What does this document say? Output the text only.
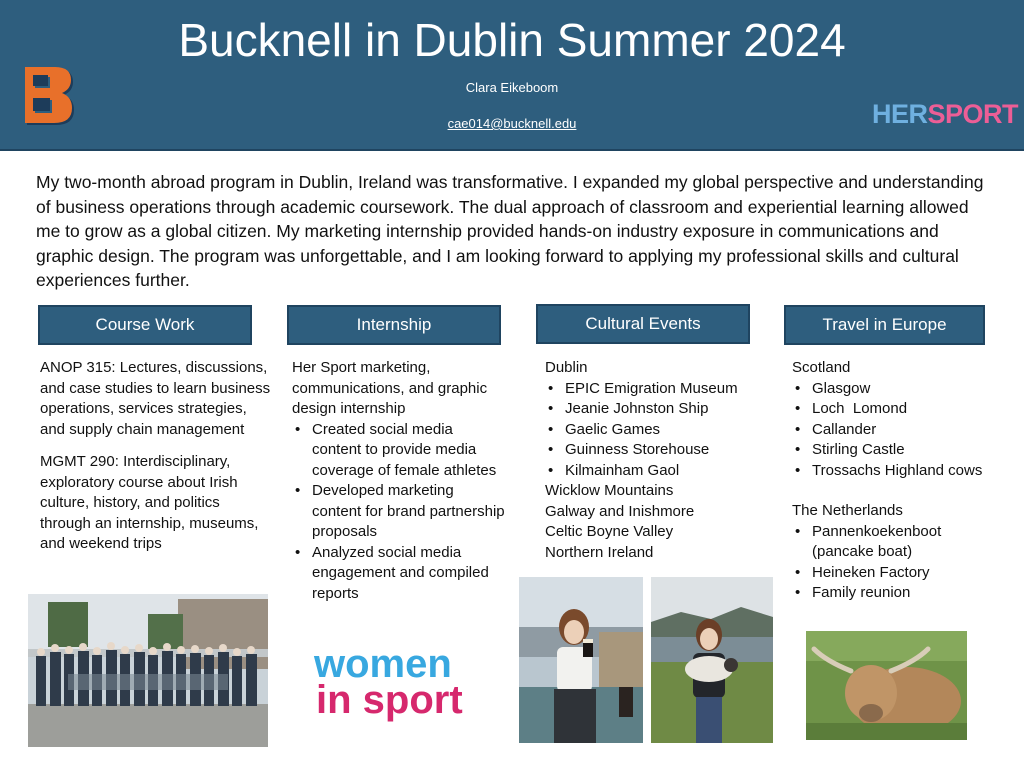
Bucknell in Dublin Summer 2024
Clara Eikeboom
cae014@bucknell.edu	HERSPORT
My two-month abroad program in Dublin, Ireland was transformative. I expanded my global perspective and understanding of business operations through academic coursework. The dual approach of classroom and experiential learning allowed me to grow as a global citizen. My marketing internship provided hands-on industry exposure in communications and graphic design. The program was unforgettable, and I am looking forward to applying my professional skills and cultural experiences further.
Course Work	Internship	Cultural Events	Travel in Europe

ANOP 315: Lectures, discussions, and case studies to learn business operations, services strategies, and supply chain management

MGMT 290: Interdisciplinary, exploratory course about Irish culture, history, and politics through an internship, museums, and weekend trips

Her Sport marketing, communications, and graphic design internship
• Created social media content to provide media coverage of female athletes
• Developed marketing content for brand partnership proposals
• Analyzed social media engagement and compiled reports
women
in sport
Dublin
• EPIC Emigration Museum
• Jeanie Johnston Ship
• Gaelic Games
• Guinness Storehouse
• Kilmainham Gaol
Wicklow Mountains
Galway and Inishmore
Celtic Boyne Valley
Northern Ireland
Scotland
• Glasgow
• Loch  Lomond
• Callander
• Stirling Castle
• Trossachs Highland cows
The Netherlands
• Pannenkoekenboot (pancake boat)
• Heineken Factory
• Family reunion
